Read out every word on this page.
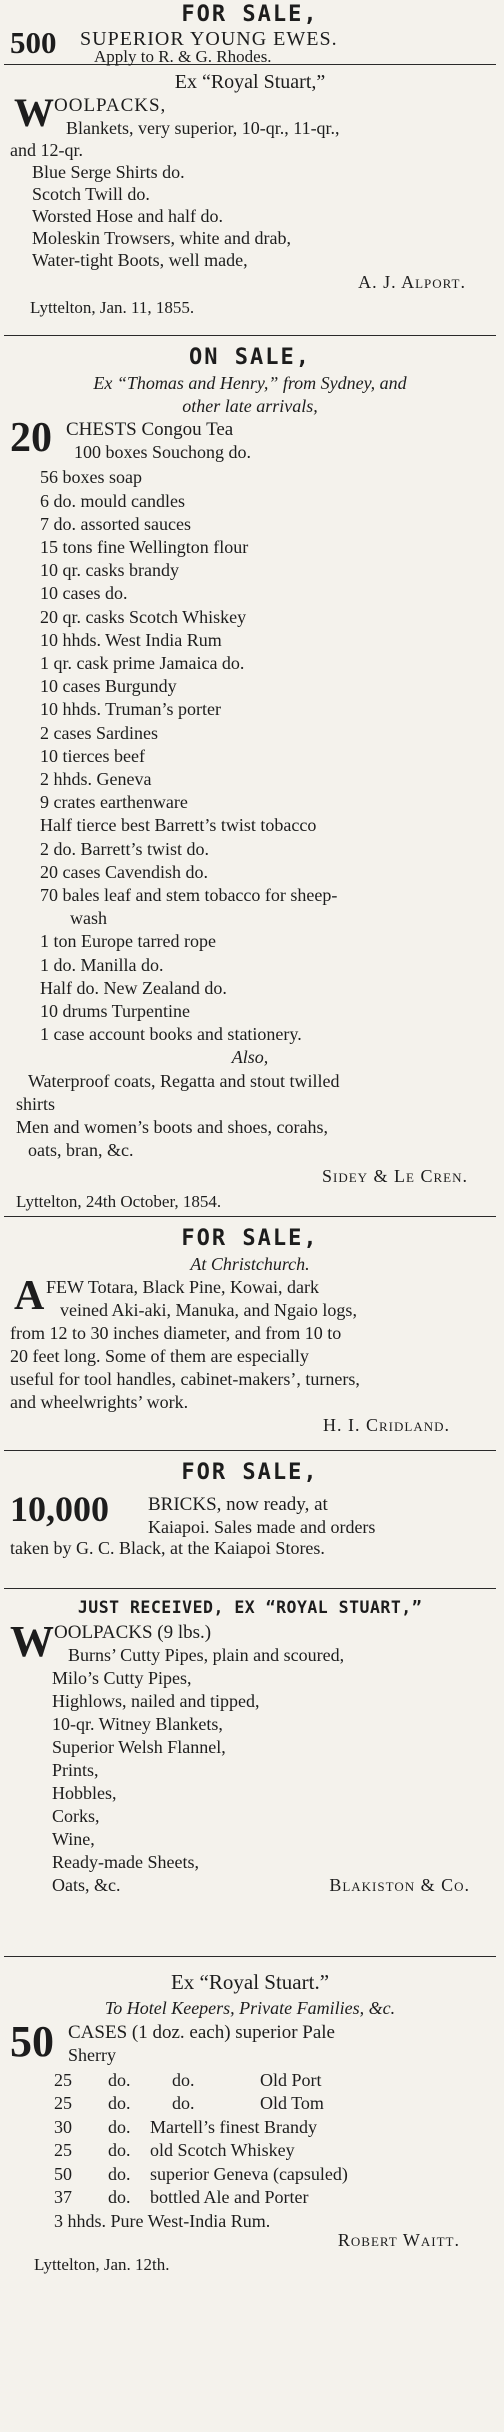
FOR SALE,
500 SUPERIOR YOUNG EWES.
Apply to R. & G. Rhodes.
Ex “Royal Stuart,”
W OOLPACKS,
Blankets, very superior, 10-qr., 11-qr.,
and 12-qr.
Blue Serge Shirts do.
Scotch Twill do.
Worsted Hose and half do.
Moleskin Trowsers, white and drab,
Water-tight Boots, well made,
A. J. Alport.
Lyttelton, Jan. 11, 1855.
ON SALE,
Ex “Thomas and Henry,” from Sydney, and
other late arrivals,
20 CHESTS Congou Tea
100 boxes Souchong do.
56 boxes soap
6 do. mould candles
7 do. assorted sauces
15 tons fine Wellington flour
10 qr. casks brandy
10 cases do.
20 qr. casks Scotch Whiskey
10 hhds. West India Rum
1 qr. cask prime Jamaica do.
10 cases Burgundy
10 hhds. Truman’s porter
2 cases Sardines
10 tierces beef
2 hhds. Geneva
9 crates earthenware
Half tierce best Barrett’s twist tobacco
2 do. Barrett’s twist do.
20 cases Cavendish do.
70 bales leaf and stem tobacco for sheep-
wash
1 ton Europe tarred rope
1 do. Manilla do.
Half do. New Zealand do.
10 drums Turpentine
1 case account books and stationery.
Also,
Waterproof coats, Regatta and stout twilled
shirts
Men and women’s boots and shoes, corahs,
oats, bran, &c.
Sidey & Le Cren.
Lyttelton, 24th October, 1854.
FOR SALE,
At Christchurch.
A FEW Totara, Black Pine, Kowai, dark
veined Aki-aki, Manuka, and Ngaio logs,
from 12 to 30 inches diameter, and from 10 to
20 feet long. Some of them are especially
useful for tool handles, cabinet-makers’, turners,
and wheelwrights’ work.
H. I. Cridland.
FOR SALE,
10,000 BRICKS, now ready, at
Kaiapoi. Sales made and orders
taken by G. C. Black, at the Kaiapoi Stores.
JUST RECEIVED, EX “ROYAL STUART,”
W OOLPACKS (9 lbs.)
Burns’ Cutty Pipes, plain and scoured,
Milo’s Cutty Pipes,
Highlows, nailed and tipped,
10-qr. Witney Blankets,
Superior Welsh Flannel,
Prints,
Hobbles,
Corks,
Wine,
Ready-made Sheets,
Oats, &c.	Blakiston & Co.
Ex “Royal Stuart.”
To Hotel Keepers, Private Families, &c.
50 CASES (1 doz. each) superior Pale
Sherry
25 do. do.	Old Port
25 do. do.	Old Tom
30 do. Martell’s finest Brandy
25 do. old Scotch Whiskey
50 do. superior Geneva (capsuled)
37 do. bottled Ale and Porter
3 hhds. Pure West-India Rum.
Robert Waitt.
Lyttelton, Jan. 12th.
